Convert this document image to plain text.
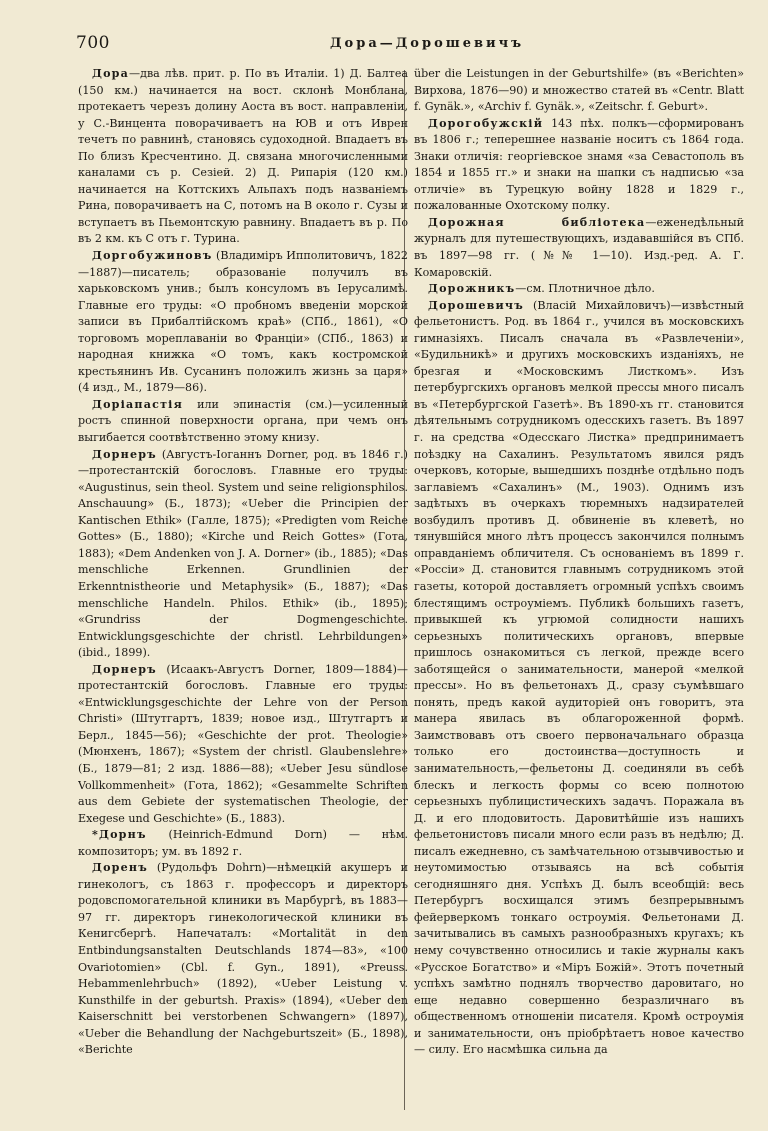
700	Дора—Дорошевичъ

Дора—два лѣв. прит. р. По въ Италіи. 1) Д. Балтеа (150 км.) начинается на вост. склонѣ Монблана, протекаетъ черезъ долину Аоста въ вост. направленіи, у С.-Винцента поворачиваетъ на ЮВ и отъ Иврен течетъ по равнинѣ, становясь судоходной. Впадаетъ въ По близъ Кресчентино. Д. связана многочисленными каналами съ р. Сезіей. 2) Д. Рипарія (120 км.) начинается на Коттскихъ Альпахъ подъ названіемъ Рина, поворачиваетъ на С, потомъ на В около г. Сузы и вступаетъ въ Пьемонтскую равнину. Впадаетъ въ р. По въ 2 км. къ С отъ г. Турина.

Доргобужиновъ (Владиміръ Ипполитовичъ, 1822—1887)—писатель; образованіе получилъ въ харьковскомъ унив.; былъ консуломъ въ Іерусалимѣ. Главные его труды: «О пробномъ введеніи морской записи въ Прибалтійскомъ краѣ» (СПб., 1861), «О торговомъ мореплаваніи во Франціи» (СПб., 1863) и народная книжка «О томъ, какъ костромской крестьянинъ Ив. Сусанинъ положилъ жизнь за царя» (4 изд., М., 1879—86).

Доріапастія или эпинастія (см.)—усиленный ростъ спинной поверхности органа, при чемъ онъ выгибается соотвѣтственно этому книзу.

Дорнеръ (Августъ-Іоганнъ Dorner, род. въ 1846 г.)—протестантскій богословъ. Главные его труды: «Augustinus, sein theol. System und seine religionsphilos. Anschauung» (Б., 1873); «Ueber die Principien der Kantischen Ethik» (Галле, 1875); «Predigten vom Reiche Gottes» (Б., 1880); «Kirche und Reich Gottes» (Гота, 1883); «Dem Andenken von J. A. Dorner» (ib., 1885); «Das menschliche Erkennen. Grundlinien der Erkenntnistheorie und Metaphysik» (Б., 1887); «Das menschliche Handeln. Philos. Ethik» (ib., 1895); «Grundriss der Dogmengeschichte. Entwicklungsgeschichte der christl. Lehrbildungen» (ibid., 1899).

Дорнеръ (Исаакъ-Августъ Dorner, 1809—1884)—протестантскій богословъ. Главные его труды: «Entwicklungsgeschichte der Lehre von der Person Christi» (Штутгартъ, 1839; новое изд., Штутгартъ и Берл., 1845—56); «Geschichte der prot. Theologie» (Мюнхенъ, 1867); «System der christl. Glaubenslehre» (Б., 1879—81; 2 изд. 1886—88); «Ueber Jesu sündlose Vollkommenheit» (Гота, 1862); «Gesammelte Schriften aus dem Gebiete der systematischen Theologie, der Exegese und Geschichte» (Б., 1883).

*Дорнъ (Heinrich-Edmund Dorn) — нѣм. композиторъ; ум. въ 1892 г.

Доренъ (Рудольфъ Dohrn)—нѣмецкій акушеръ и гинекологъ, съ 1863 г. профессоръ и директоръ родовспомогательной клиники въ Марбургѣ, въ 1883—97 гг. директоръ гинекологической клиники въ Кенигсбергѣ. Напечаталъ: «Mortalität in den Entbindungsanstalten Deutschlands 1874—83», «100 Ovariotomien» (Cbl. f. Gyn., 1891), «Preuss. Hebammenlehrbuch» (1892), «Ueber Leistung v. Kunsthilfe in der geburtsh. Praxis» (1894), «Ueber den Kaiserschnitt bei verstorbenen Schwangern» (1897), «Ueber die Behandlung der Nachgeburtszeit» (Б., 1898), «Berichte

über die Leistungen in der Geburtshilfe» (въ «Berichten» Вирхова, 1876—90) и множество статей въ «Centr. Blatt f. Gynäk.», «Archiv f. Gynäk.», «Zeitschr. f. Geburt».

Дорогобужскій 143 пѣх. полкъ—сформированъ въ 1806 г.; теперешнее названіе носитъ съ 1864 года. Знаки отличія: георгіевское знамя «за Севастополь въ 1854 и 1855 гг.» и знаки на шапки съ надписью «за отличіе» въ Турецкую войну 1828 и 1829 г., пожалованные Охотскому полку.

Дорожная библіотека—еженедѣльный журналъ для путешествующихъ, издававшійся въ СПб. въ 1897—98 гг. (№№ 1—10). Изд.-ред. А. Г. Комаровскій.

Дорожникъ—см. Плотничное дѣло.

Дорошевичъ (Власій Михайловичъ)—извѣстный фельетонистъ. Род. въ 1864 г., учился въ московскихъ гимназіяхъ. Писалъ сначала въ «Развлеченіи», «Будильникѣ» и другихъ московскихъ изданіяхъ, не брезгая и «Московскимъ Листкомъ». Изъ петербургскихъ органовъ мелкой прессы много писалъ въ «Петербургской Газетѣ». Въ 1890-хъ гг. становится дѣятельнымъ сотрудникомъ одесскихъ газетъ. Въ 1897 г. на средства «Одесскаго Листка» предпринимаетъ поѣздку на Сахалинъ. Результатомъ явился рядъ очерковъ, которые, вышедшихъ позднѣе отдѣльно подъ заглавіемъ «Сахалинъ» (М., 1903). Однимъ изъ задѣтыхъ въ очеркахъ тюремныхъ надзирателей возбудилъ противъ Д. обвиненіе въ клеветѣ, но тянувшійся много лѣтъ процессъ закончился полнымъ оправданіемъ обличителя. Съ основаніемъ въ 1899 г. «Россіи» Д. становится главнымъ сотрудникомъ этой газеты, которой доставляетъ огромный успѣхъ своимъ блестящимъ остроуміемъ. Публикѣ большихъ газетъ, привыкшей къ угрюмой солидности нашихъ серьезныхъ политическихъ органовъ, впервые пришлось ознакомиться съ легкой, прежде всего заботящейся о занимательности, манерой «мелкой прессы». Но въ фельетонахъ Д., сразу съумѣвшаго понять, предъ какой аудиторіей онъ говоритъ, эта манера явилась въ облагороженной формѣ. Заимствовавъ отъ своего первоначальнаго образца только его достоинства—доступность и занимательность,—фельетоны Д. соединяли въ себѣ блескъ и легкость формы со всею полнотою серьезныхъ публицистическихъ задачъ. Поражала въ Д. и его плодовитость. Даровитѣйшіе изъ нашихъ фельетонистовъ писали много если разъ въ недѣлю; Д. писалъ ежедневно, съ замѣчательною отзывчивостью и неутомимостью отзываясь на всѣ событія сегодняшняго дня. Успѣхъ Д. былъ всеобщій: весь Петербургъ восхищался этимъ безпрерывнымъ фейерверкомъ тонкаго остроумія. Фельетонами Д. зачитывались въ самыхъ разнообразныхъ кругахъ; къ нему сочувственно относились и такіе журналы какъ «Русское Богатство» и «Міръ Божій». Этотъ почетный успѣхъ замѣтно поднялъ творчество даровитаго, но еще недавно совершенно безразличнаго въ общественномъ отношеніи писателя. Кромѣ остроумія и занимательности, онъ пріобрѣтаетъ новое качество — силу. Его насмѣшка сильна да
